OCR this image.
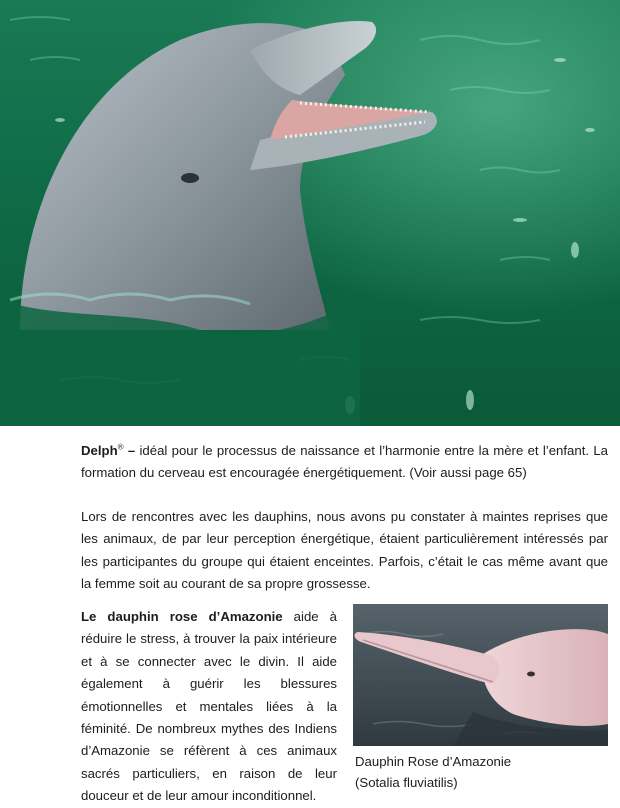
Delph® – idéal pour le processus de naissance et l’harmonie entre la mère et l’enfant. La formation du cerveau est encouragée énergétiquement. (Voir aussi page 65)

Lors de rencontres avec les dauphins, nous avons pu constater à maintes reprises que les animaux, de par leur perception énergétique, étaient particulièrement intéressés par les participantes du groupe qui étaient enceintes. Parfois, c’était le cas même avant que la femme soit au courant de sa propre grossesse.

Le dauphin rose d’Amazonie aide à réduire le stress, à trouver la paix intérieure et à se connecter avec le divin. Il aide également à guérir les blessures émotionnelles et mentales liées à la féminité. De nombreux mythes des Indiens d’Amazonie se réfèrent à ces animaux sacrés particuliers, en raison de leur douceur et de leur amour inconditionnel.

Dauphin Rose d’Amazonie
(Sotalia fluviatilis)
